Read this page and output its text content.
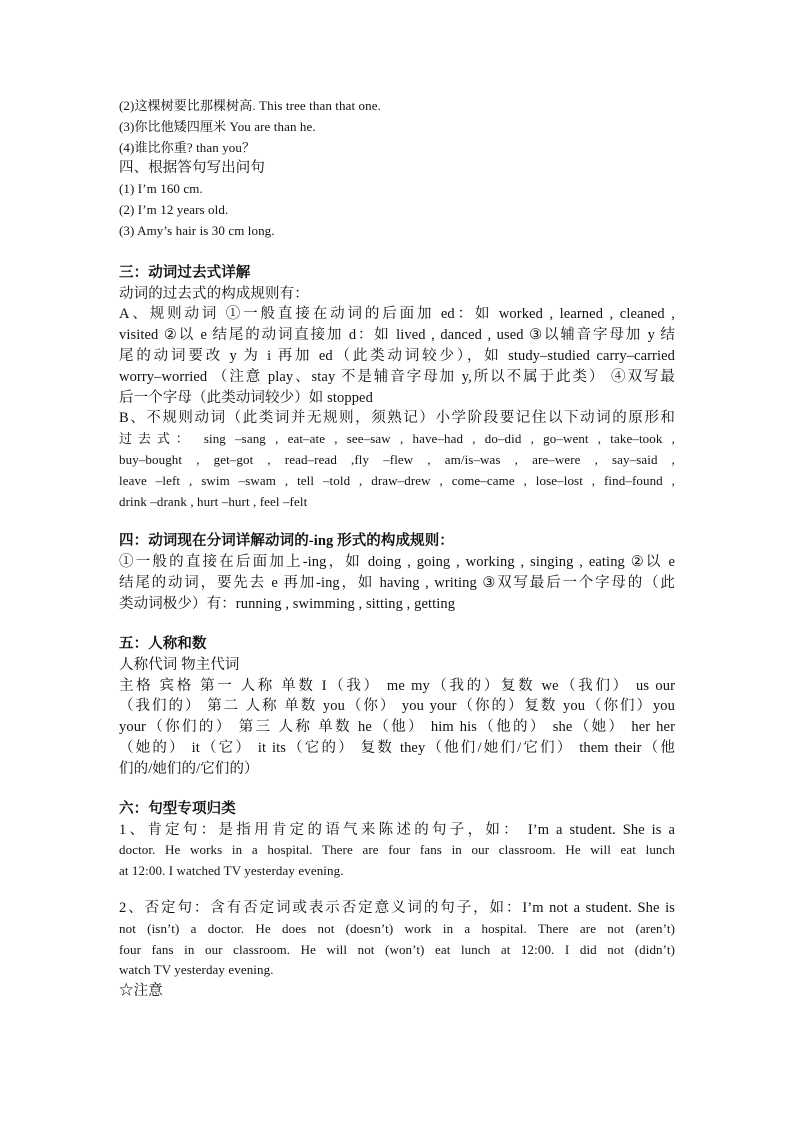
(2)这棵树要比那棵树高. This tree than that one.
(3)你比他矮四厘米 You are than he.
(4)谁比你重? than you？
四、根据答句写出问句
(1) I’m 160 cm.
(2) I’m 12 years old.
(3) Amy’s hair is 30 cm long.
三：动词过去式详解
动词的过去式的构成规则有：
A、规则动词 ①一般直接在动词的后面加 ed：如 worked , learned , cleaned ,
visited ②以 e 结尾的动词直接加 d：如 lived , danced , used ③以辅音字母加 y 结
尾的动词要改 y 为 i 再加 ed（此类动词较少），如 study–studied carry–carried
worry–worried （注意 play、stay 不是辅音字母加 y,所以不属于此类） ④双写最
后一个字母（此类动词较少）如 stopped
B、不规则动词（此类词并无规则，须熟记）小学阶段要记住以下动词的原形和
过去式： sing –sang , eat–ate , see–saw , have–had , do–did , go–went , take–took ,
buy–bought , get–got , read–read ,fly –flew , am/is–was , are–were , say–said ,
leave –left , swim –swam , tell –told , draw–drew , come–came , lose–lost , find–found ,
drink –drank , hurt –hurt , feel –felt
四：动词现在分词详解动词的-ing 形式的构成规则：
①一般的直接在后面加上-ing，如 doing , going , working , singing , eating ②以 e
结尾的动词，要先去 e 再加-ing，如 having , writing ③双写最后一个字母的（此
类动词极少）有：running , swimming , sitting , getting
五：人称和数
人称代词 物主代词
主格 宾格 第一 人称 单数 I（我） me my（我的）复数 we（我们） us our
（我们的） 第二 人称 单数 you（你） you your（你的）复数 you（你们）you
your（你们的） 第三 人称 单数 he（他） him his（他的） she（她） her her
（她的） it（它） it its（它的） 复数 they（他们/她们/它们） them their（他
们的/她们的/它们的）
六：句型专项归类
1、肯定句：是指用肯定的语气来陈述的句子，如： I’m a student. She is a
doctor. He works in a hospital. There are four fans in our classroom. He will eat lunch
at 12:00. I watched TV yesterday evening.
2、否定句：含有否定词或表示否定意义词的句子，如：I’m not a student. She is
not (isn’t) a doctor. He does not (doesn’t) work in a hospital. There are not (aren’t)
four fans in our classroom. He will not (won’t) eat lunch at 12:00. I did not (didn’t)
watch TV yesterday evening.
☆注意
